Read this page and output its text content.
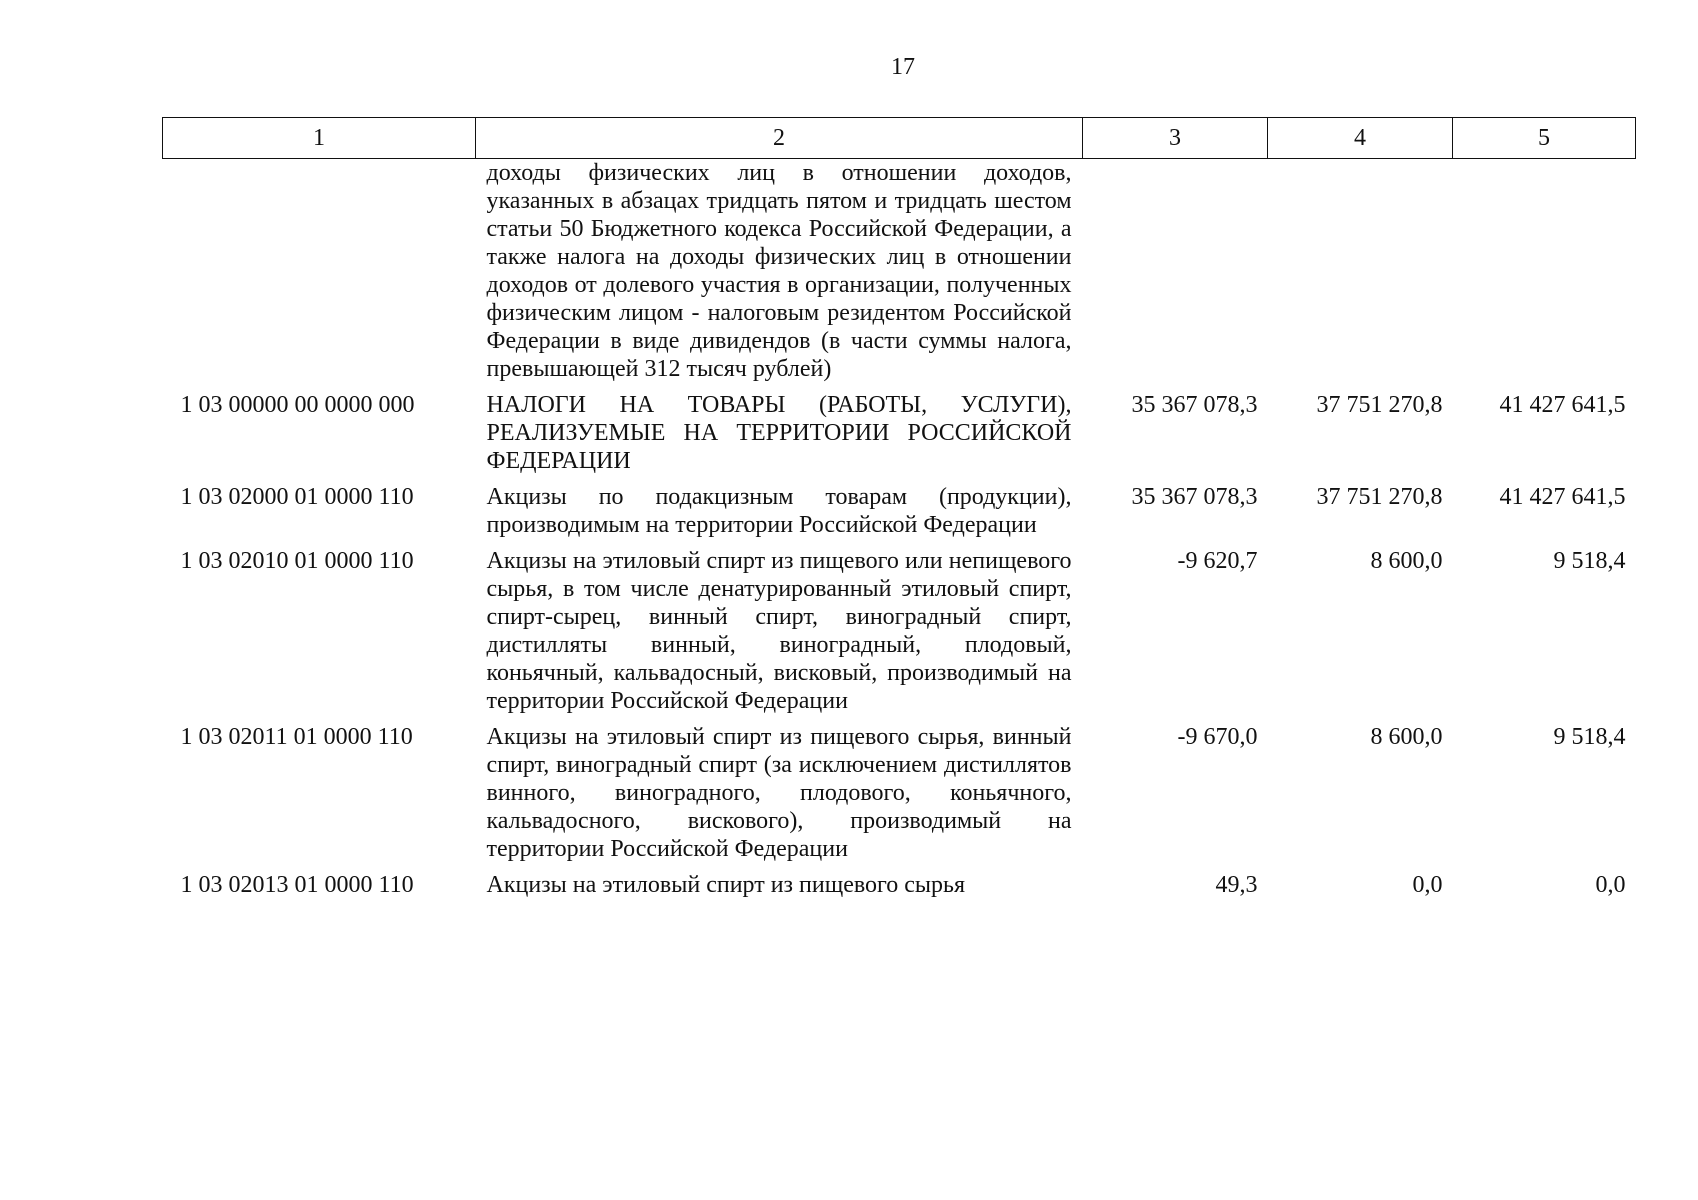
17
1	2	3	4	5
	доходы физических лиц в отношении доходов, указанных в абзацах тридцать пятом и тридцать шестом статьи 50 Бюджетного кодекса Российской Федерации, а также налога на доходы физических лиц в отношении доходов от долевого участия в организации, полученных физическим лицом - налоговым резидентом Российской Федерации в виде дивидендов (в части суммы налога, превышающей 312 тысяч рублей)			
1 03 00000 00 0000 000	НАЛОГИ НА ТОВАРЫ (РАБОТЫ, УСЛУГИ), РЕАЛИЗУЕМЫЕ НА ТЕРРИТОРИИ РОССИЙСКОЙ ФЕДЕРАЦИИ	35 367 078,3	37 751 270,8	41 427 641,5
1 03 02000 01 0000 110	Акцизы по подакцизным товарам (продукции), производимым на территории Российской Федерации	35 367 078,3	37 751 270,8	41 427 641,5
1 03 02010 01 0000 110	Акцизы на этиловый спирт из пищевого или непищевого сырья, в том числе денатурированный этиловый спирт, спирт-сырец, винный спирт, виноградный спирт, дистилляты винный, виноградный, плодовый, коньячный, кальвадосный, висковый, производимый на территории Российской Федерации	-9 620,7	8 600,0	9 518,4
1 03 02011 01 0000 110	Акцизы на этиловый спирт из пищевого сырья, винный спирт, виноградный спирт (за исключением дистиллятов винного, виноградного, плодового, коньячного, кальвадосного, вискового), производимый на территории Российской Федерации	-9 670,0	8 600,0	9 518,4
1 03 02013 01 0000 110	Акцизы на этиловый спирт из пищевого сырья	49,3	0,0	0,0
